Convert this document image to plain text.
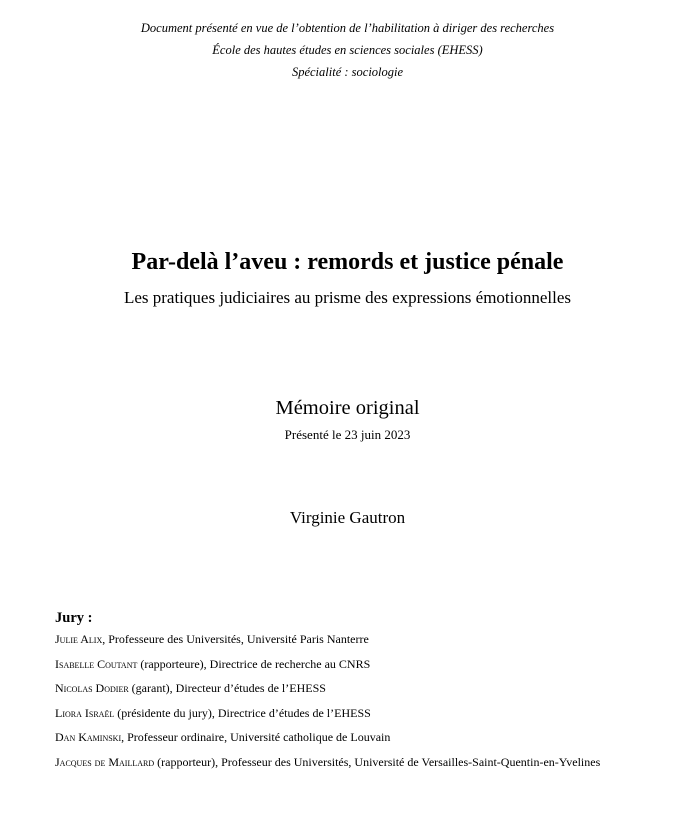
Document présenté en vue de l’obtention de l’habilitation à diriger des recherches
École des hautes études en sciences sociales (EHESS)
Spécialité : sociologie
Par-delà l’aveu : remords et justice pénale
Les pratiques judiciaires au prisme des expressions émotionnelles
Mémoire original
Présenté le 23 juin 2023
Virginie Gautron
Jury :
Julie Alix, Professeure des Universités, Université Paris Nanterre
Isabelle Coutant (rapporteure), Directrice de recherche au CNRS
Nicolas Dodier (garant), Directeur d’études de l’EHESS
Liora Israël (présidente du jury), Directrice d’études de l’EHESS
Dan Kaminski, Professeur ordinaire, Université catholique de Louvain
Jacques de Maillard (rapporteur), Professeur des Universités, Université de Versailles-Saint-Quentin-en-Yvelines
